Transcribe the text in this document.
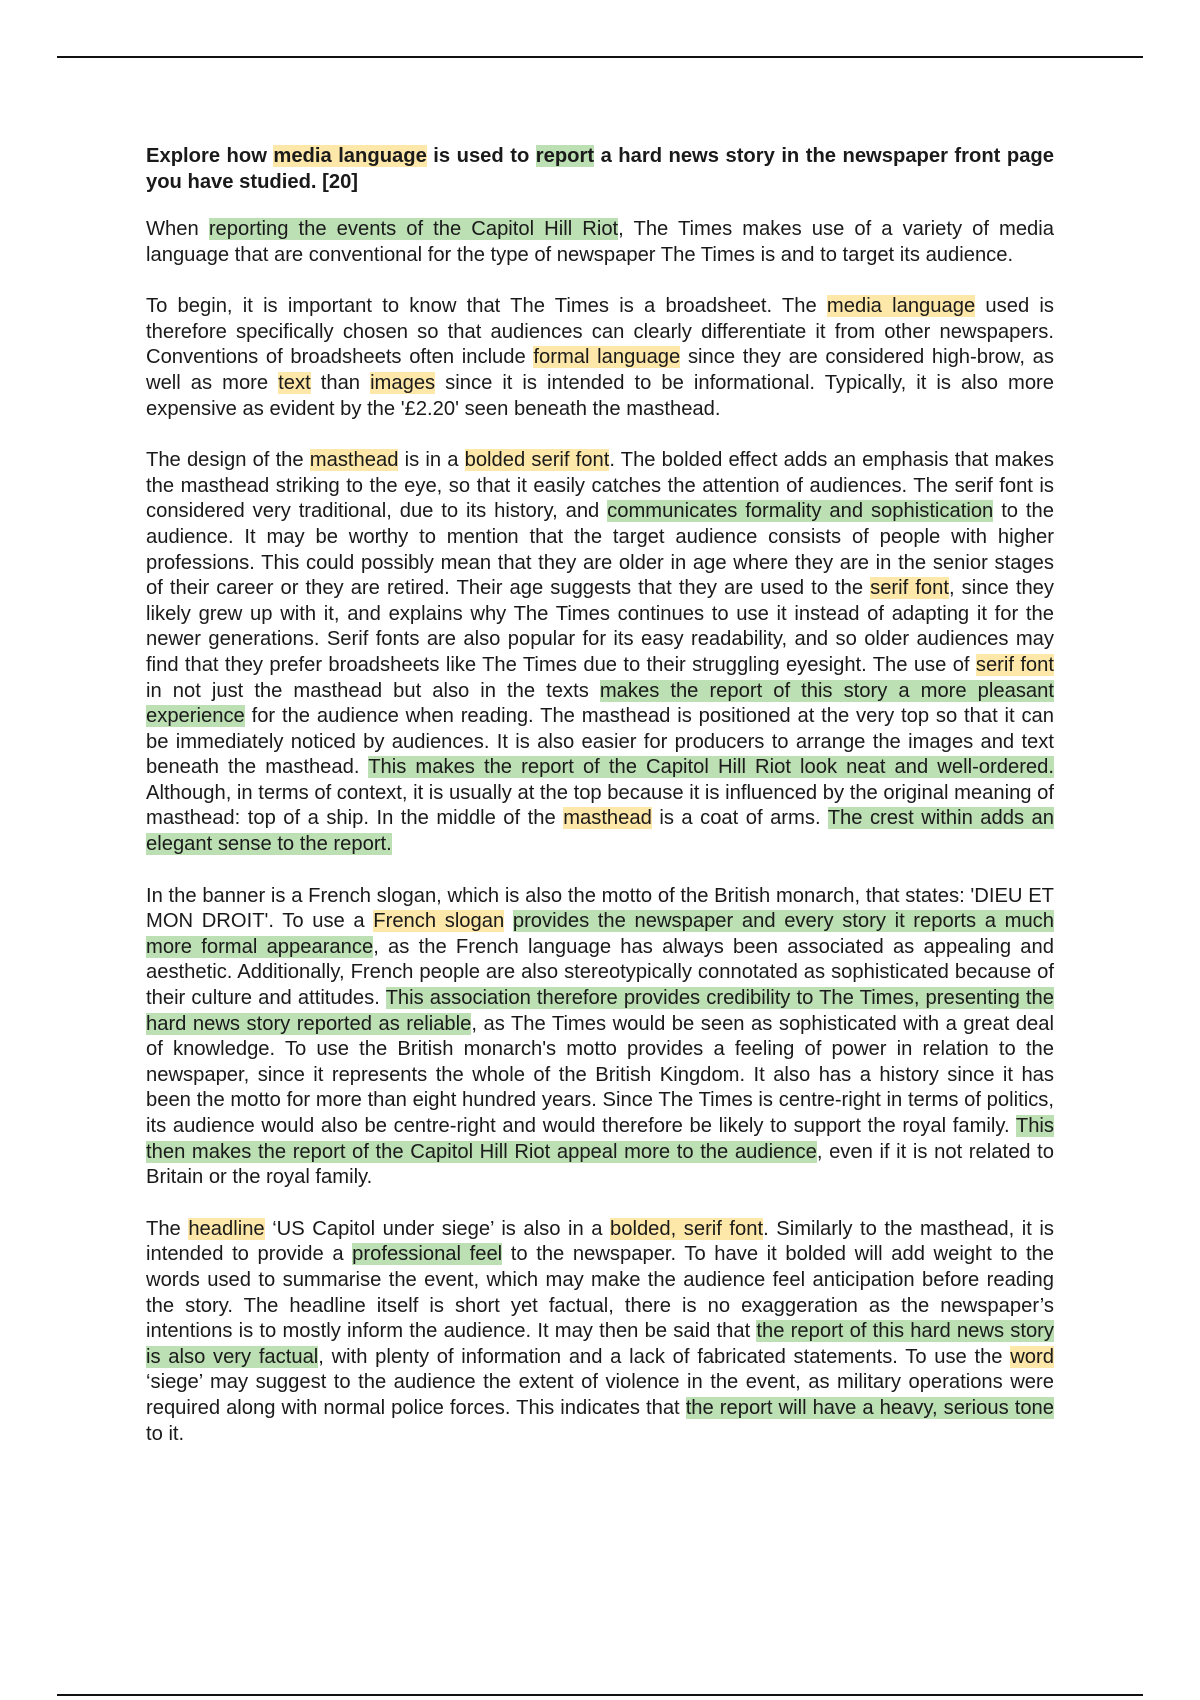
Explore how media language is used to report a hard news story in the newspaper front page you have studied. [20]

When reporting the events of the Capitol Hill Riot, The Times makes use of a variety of media language that are conventional for the type of newspaper The Times is and to target its audience.

To begin, it is important to know that The Times is a broadsheet. The media language used is therefore specifically chosen so that audiences can clearly differentiate it from other newspapers. Conventions of broadsheets often include formal language since they are considered high-brow, as well as more text than images since it is intended to be informational. Typically, it is also more expensive as evident by the '£2.20' seen beneath the masthead.

The design of the masthead is in a bolded serif font. The bolded effect adds an emphasis that makes the masthead striking to the eye, so that it easily catches the attention of audiences. The serif font is considered very traditional, due to its history, and communicates formality and sophistication to the audience. It may be worthy to mention that the target audience consists of people with higher professions. This could possibly mean that they are older in age where they are in the senior stages of their career or they are retired. Their age suggests that they are used to the serif font, since they likely grew up with it, and explains why The Times continues to use it instead of adapting it for the newer generations. Serif fonts are also popular for its easy readability, and so older audiences may find that they prefer broadsheets like The Times due to their struggling eyesight. The use of serif font in not just the masthead but also in the texts makes the report of this story a more pleasant experience for the audience when reading. The masthead is positioned at the very top so that it can be immediately noticed by audiences. It is also easier for producers to arrange the images and text beneath the masthead. This makes the report of the Capitol Hill Riot look neat and well-ordered. Although, in terms of context, it is usually at the top because it is influenced by the original meaning of masthead: top of a ship. In the middle of the masthead is a coat of arms. The crest within adds an elegant sense to the report.

In the banner is a French slogan, which is also the motto of the British monarch, that states: 'DIEU ET MON DROIT'. To use a French slogan provides the newspaper and every story it reports a much more formal appearance, as the French language has always been associated as appealing and aesthetic. Additionally, French people are also stereotypically connotated as sophisticated because of their culture and attitudes. This association therefore provides credibility to The Times, presenting the hard news story reported as reliable, as The Times would be seen as sophisticated with a great deal of knowledge. To use the British monarch's motto provides a feeling of power in relation to the newspaper, since it represents the whole of the British Kingdom. It also has a history since it has been the motto for more than eight hundred years. Since The Times is centre-right in terms of politics, its audience would also be centre-right and would therefore be likely to support the royal family. This then makes the report of the Capitol Hill Riot appeal more to the audience, even if it is not related to Britain or the royal family.

The headline ‘US Capitol under siege’ is also in a bolded, serif font. Similarly to the masthead, it is intended to provide a professional feel to the newspaper. To have it bolded will add weight to the words used to summarise the event, which may make the audience feel anticipation before reading the story. The headline itself is short yet factual, there is no exaggeration as the newspaper’s intentions is to mostly inform the audience. It may then be said that the report of this hard news story is also very factual, with plenty of information and a lack of fabricated statements. To use the word ‘siege’ may suggest to the audience the extent of violence in the event, as military operations were required along with normal police forces. This indicates that the report will have a heavy, serious tone to it.
